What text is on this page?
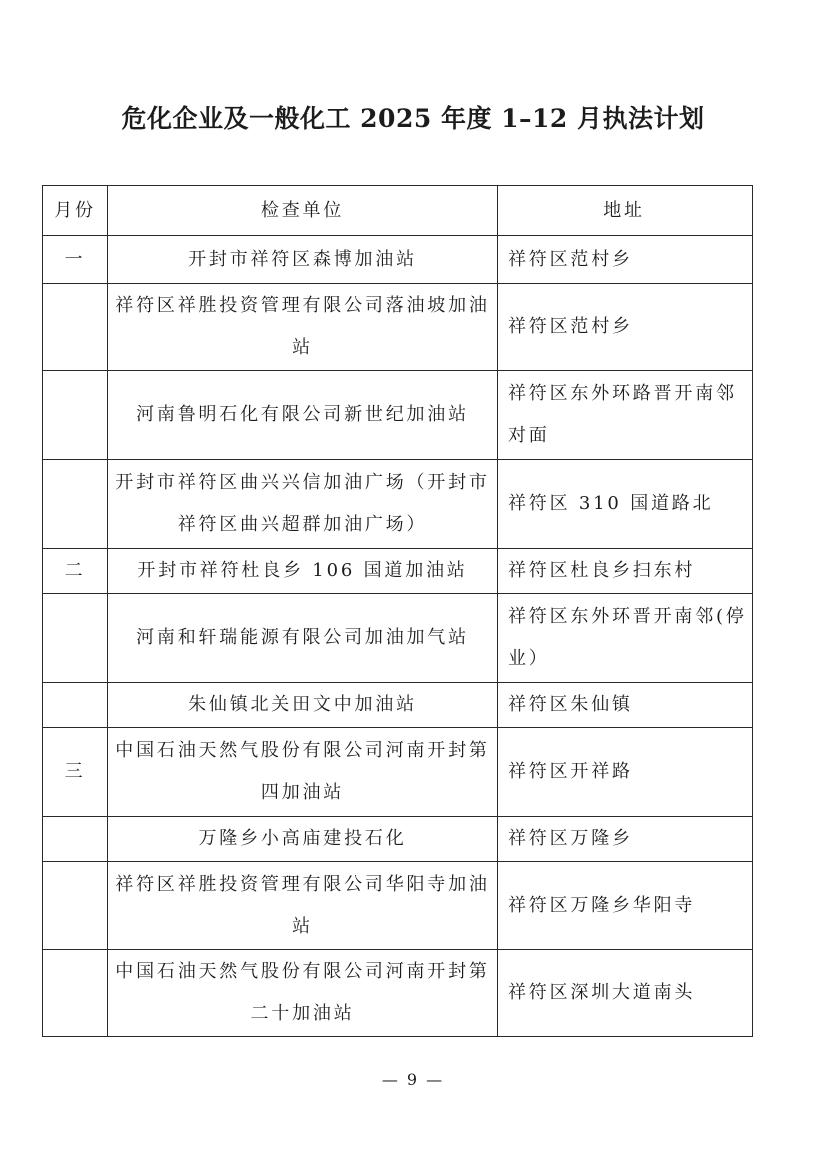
危化企业及一般化工 2025 年度 1–12 月执法计划
月份	检查单位	地址
一	开封市祥符区森博加油站	祥符区范村乡
	祥符区祥胜投资管理有限公司落油坡加油站	祥符区范村乡
	河南鲁明石化有限公司新世纪加油站	祥符区东外环路晋开南邻对面
	开封市祥符区曲兴兴信加油广场（开封市祥符区曲兴超群加油广场）	祥符区 310 国道路北
二	开封市祥符杜良乡 106 国道加油站	祥符区杜良乡扫东村
	河南和轩瑞能源有限公司加油加气站	祥符区东外环晋开南邻(停业）
	朱仙镇北关田文中加油站	祥符区朱仙镇
三	中国石油天然气股份有限公司河南开封第四加油站	祥符区开祥路
	万隆乡小高庙建投石化	祥符区万隆乡
	祥符区祥胜投资管理有限公司华阳寺加油站	祥符区万隆乡华阳寺
	中国石油天然气股份有限公司河南开封第二十加油站	祥符区深圳大道南头
— 9 —
